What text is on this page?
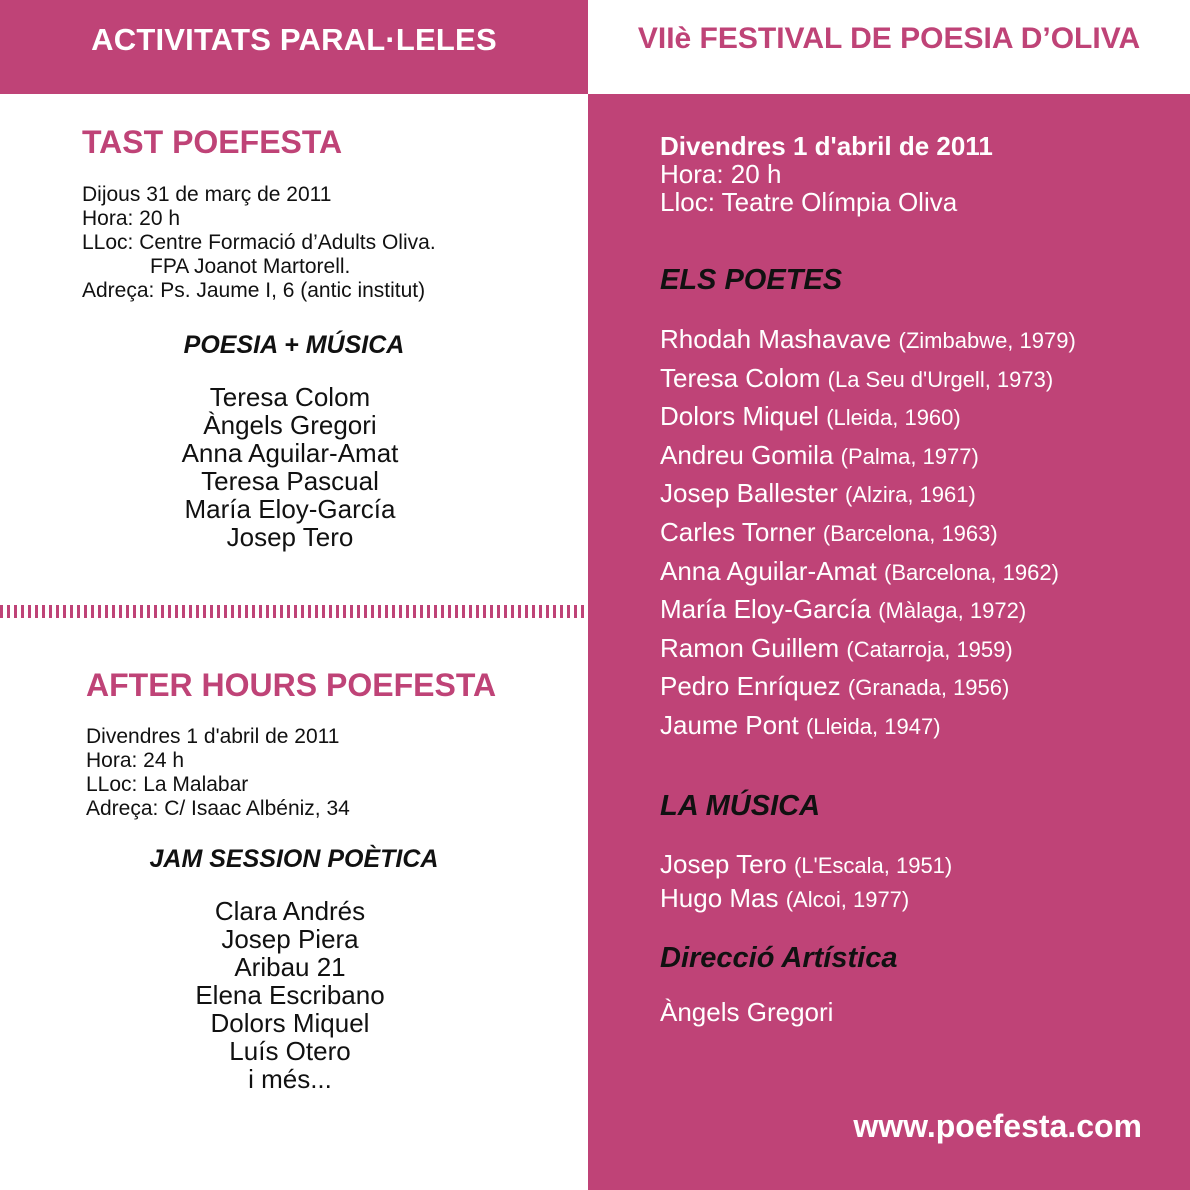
ACTIVITATS PARAL·LELES	VIIè FESTIVAL DE POESIA D’OLIVA
TAST POEFESTA
Dijous 31 de març de 2011
Hora: 20 h
LLoc: Centre Formació d’Adults Oliva.
FPA Joanot Martorell.
Adreça: Ps. Jaume I, 6 (antic institut)
POESIA + MÚSICA
Teresa Colom
Àngels Gregori
Anna Aguilar-Amat
Teresa Pascual
María Eloy-García
Josep Tero
AFTER HOURS POEFESTA
Divendres 1 d'abril de 2011
Hora: 24 h
LLoc: La Malabar
Adreça: C/ Isaac Albéniz, 34
JAM SESSION POÈTICA
Clara Andrés
Josep Piera
Aribau 21
Elena Escribano
Dolors Miquel
Luís Otero
i més...
Divendres 1 d'abril de 2011
Hora: 20 h
Lloc: Teatre Olímpia Oliva
ELS POETES
Rhodah Mashavave (Zimbabwe, 1979)
Teresa Colom (La Seu d'Urgell, 1973)
Dolors Miquel (Lleida, 1960)
Andreu Gomila (Palma, 1977)
Josep Ballester (Alzira, 1961)
Carles Torner (Barcelona, 1963)
Anna Aguilar-Amat (Barcelona, 1962)
María Eloy-García (Màlaga, 1972)
Ramon Guillem (Catarroja, 1959)
Pedro Enríquez (Granada, 1956)
Jaume Pont (Lleida, 1947)
LA MÚSICA
Josep Tero (L'Escala, 1951)
Hugo Mas (Alcoi, 1977)
Direcció Artística
Àngels Gregori
www.poefesta.com
